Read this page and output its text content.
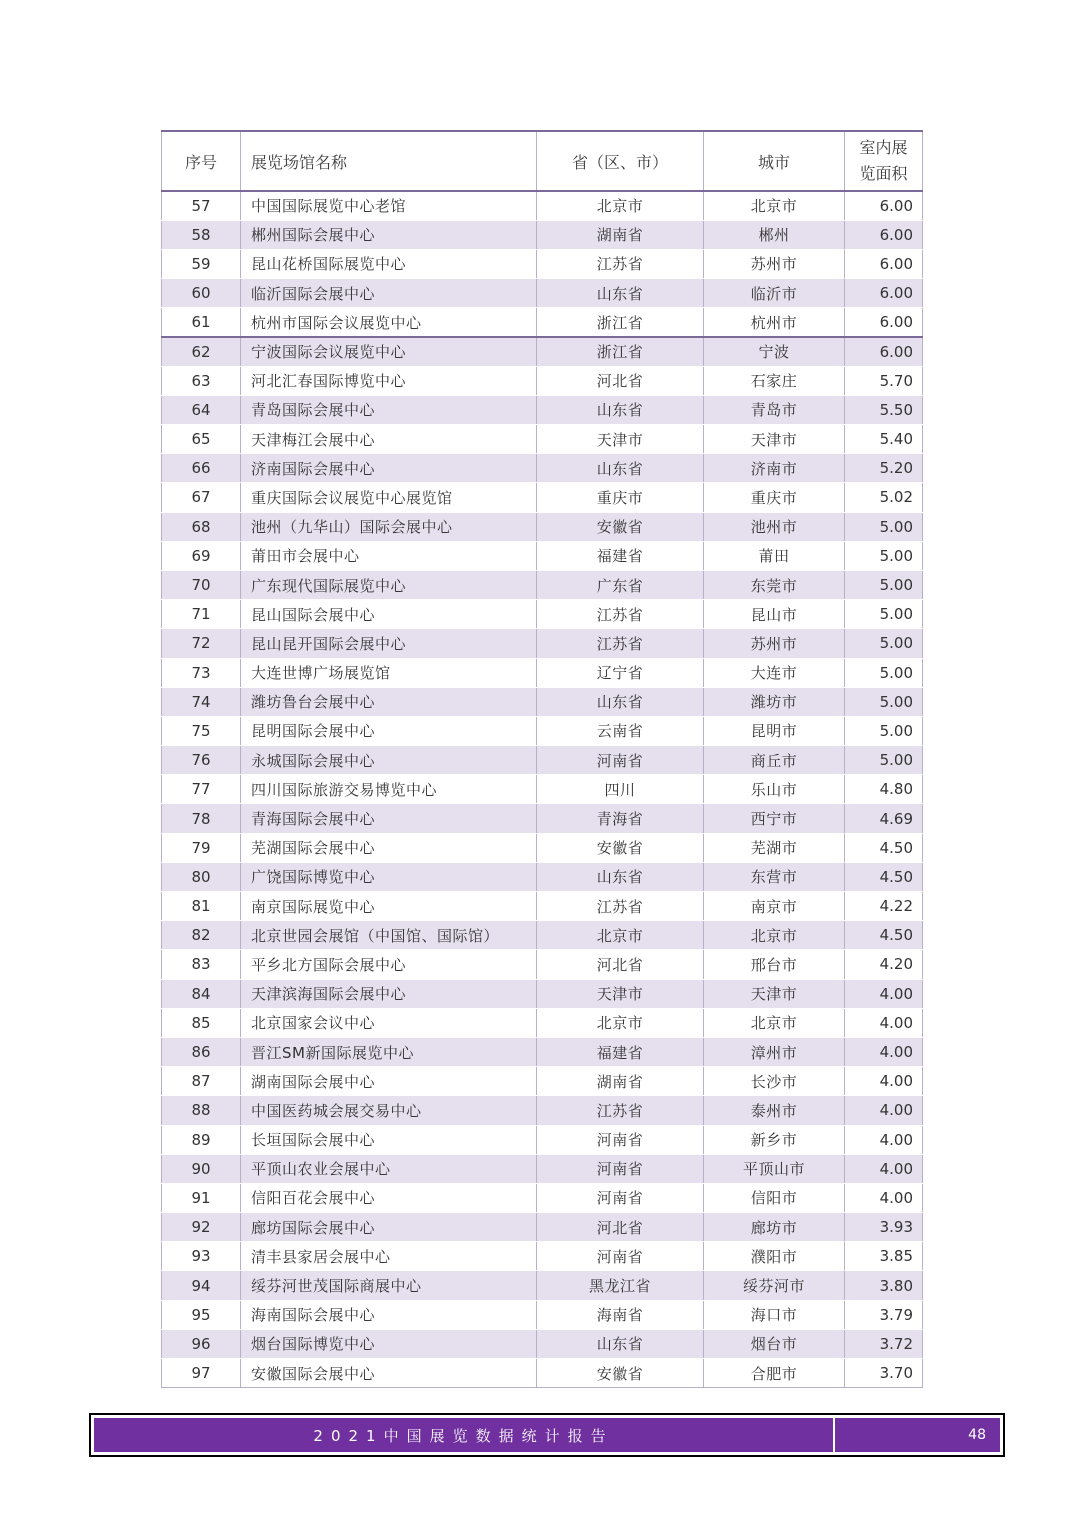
序号	展览场馆名称	省（区、市）	城市	室内展
览面积
57	中国国际展览中心老馆	北京市	北京市	6.00
58	郴州国际会展中心	湖南省	郴州	6.00
59	昆山花桥国际展览中心	江苏省	苏州市	6.00
60	临沂国际会展中心	山东省	临沂市	6.00
61	杭州市国际会议展览中心	浙江省	杭州市	6.00
62	宁波国际会议展览中心	浙江省	宁波	6.00
63	河北汇春国际博览中心	河北省	石家庄	5.70
64	青岛国际会展中心	山东省	青岛市	5.50
65	天津梅江会展中心	天津市	天津市	5.40
66	济南国际会展中心	山东省	济南市	5.20
67	重庆国际会议展览中心展览馆	重庆市	重庆市	5.02
68	池州（九华山）国际会展中心	安徽省	池州市	5.00
69	莆田市会展中心	福建省	莆田	5.00
70	广东现代国际展览中心	广东省	东莞市	5.00
71	昆山国际会展中心	江苏省	昆山市	5.00
72	昆山昆开国际会展中心	江苏省	苏州市	5.00
73	大连世博广场展览馆	辽宁省	大连市	5.00
74	潍坊鲁台会展中心	山东省	潍坊市	5.00
75	昆明国际会展中心	云南省	昆明市	5.00
76	永城国际会展中心	河南省	商丘市	5.00
77	四川国际旅游交易博览中心	四川	乐山市	4.80
78	青海国际会展中心	青海省	西宁市	4.69
79	芜湖国际会展中心	安徽省	芜湖市	4.50
80	广饶国际博览中心	山东省	东营市	4.50
81	南京国际展览中心	江苏省	南京市	4.22
82	北京世园会展馆（中国馆、国际馆）	北京市	北京市	4.50
83	平乡北方国际会展中心	河北省	邢台市	4.20
84	天津滨海国际会展中心	天津市	天津市	4.00
85	北京国家会议中心	北京市	北京市	4.00
86	晋江SM新国际展览中心	福建省	漳州市	4.00
87	湖南国际会展中心	湖南省	长沙市	4.00
88	中国医药城会展交易中心	江苏省	泰州市	4.00
89	长垣国际会展中心	河南省	新乡市	4.00
90	平顶山农业会展中心	河南省	平顶山市	4.00
91	信阳百花会展中心	河南省	信阳市	4.00
92	廊坊国际会展中心	河北省	廊坊市	3.93
93	清丰县家居会展中心	河南省	濮阳市	3.85
94	绥芬河世茂国际商展中心	黑龙江省	绥芬河市	3.80
95	海南国际会展中心	海南省	海口市	3.79
96	烟台国际博览中心	山东省	烟台市	3.72
97	安徽国际会展中心	安徽省	合肥市	3.70
2021中国展览数据统计报告	48
